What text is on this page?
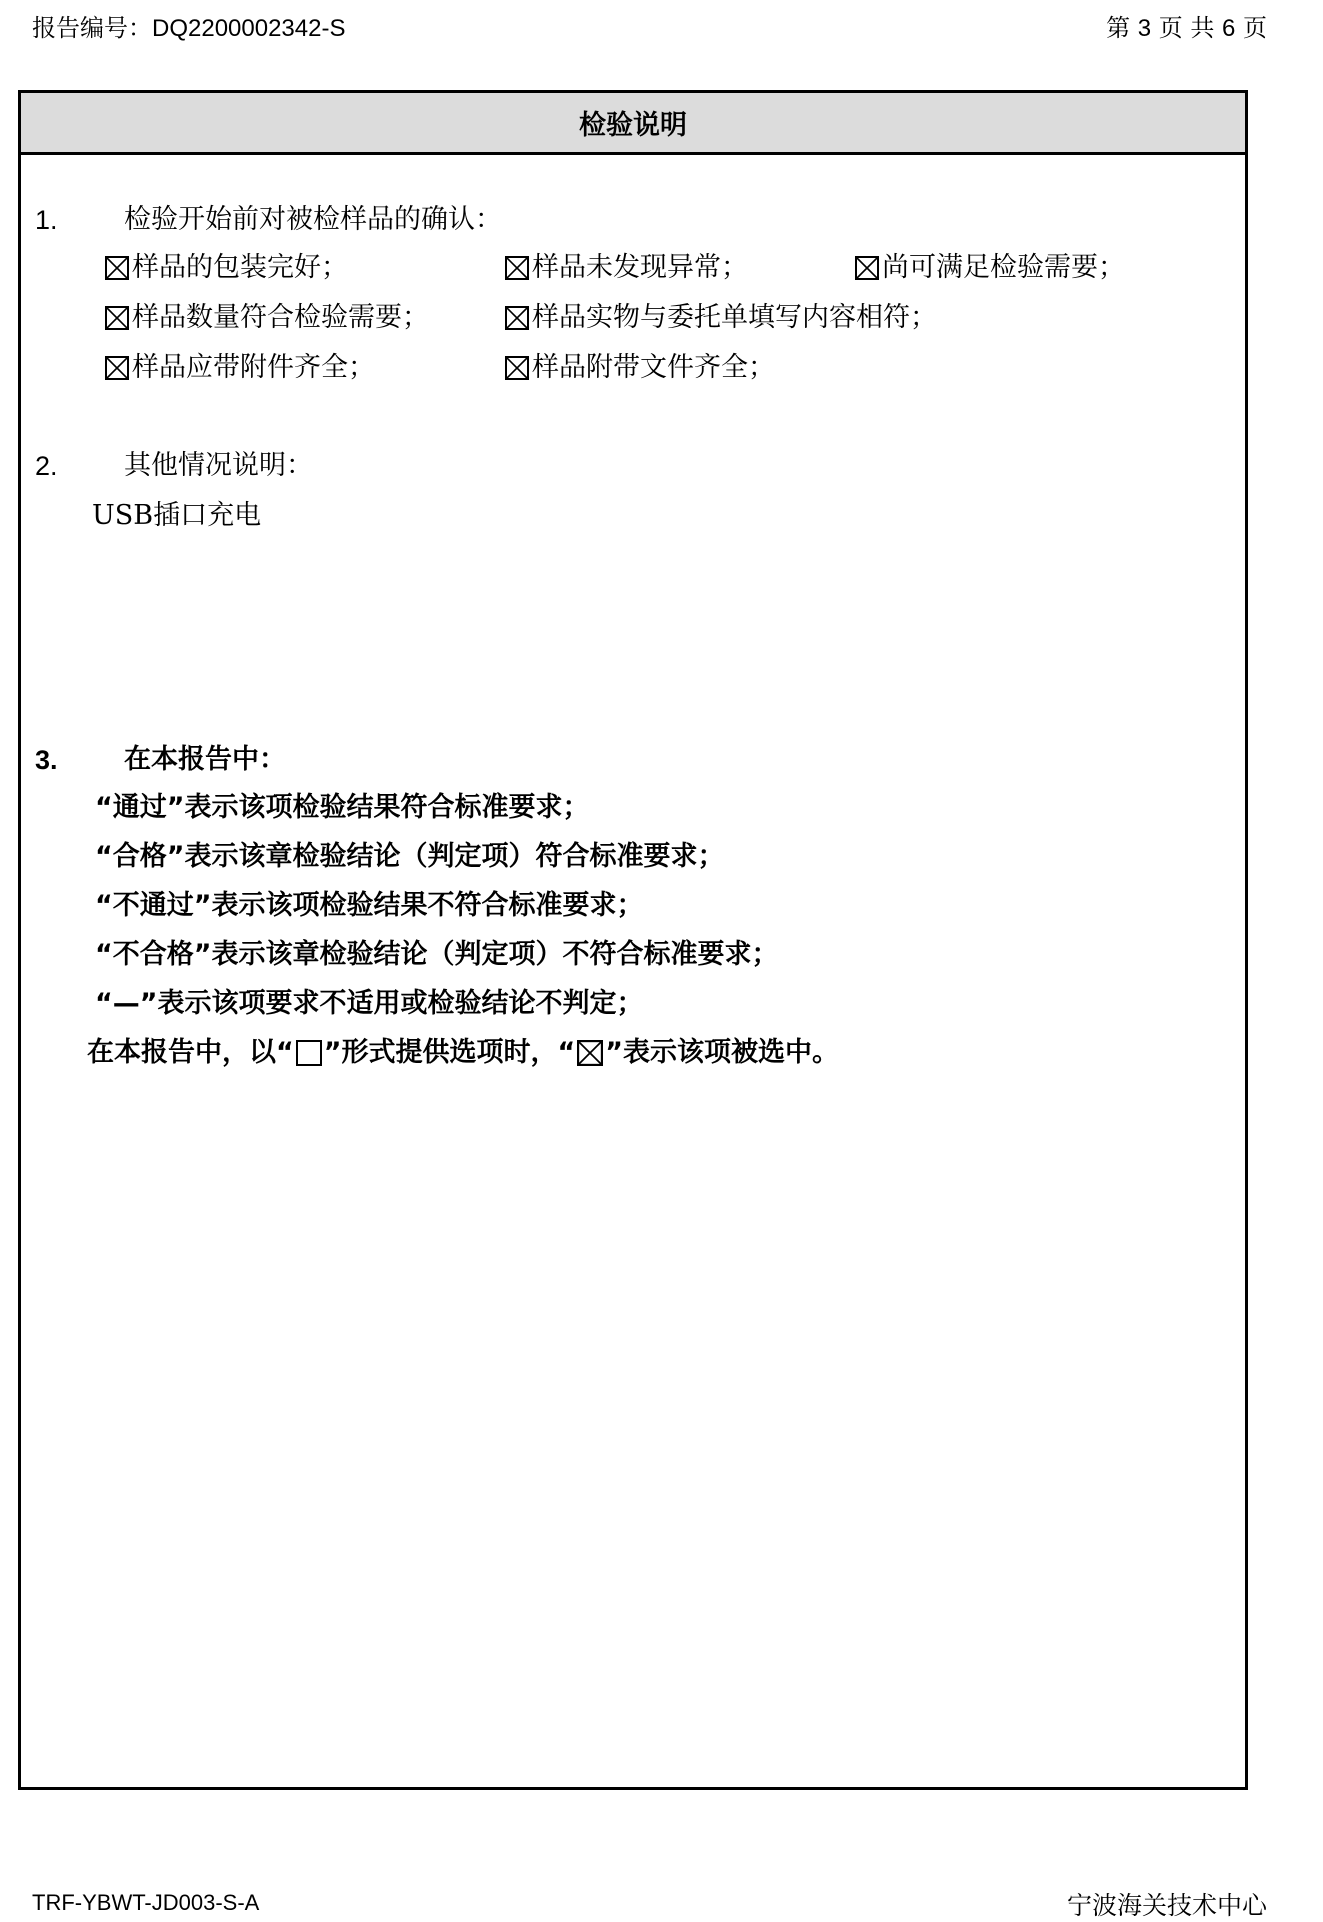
报告编号：DQ2200002342-S	第 3 页 共 6 页
检验说明
1. 检验开始前对被检样品的确认：
样品的包装完好；	样品未发现异常；	尚可满足检验需要；
样品数量符合检验需要；	样品实物与委托单填写内容相符；
样品应带附件齐全；	样品附带文件齐全；
2. 其他情况说明：
USB插口充电
3. 在本报告中：
“通过”表示该项检验结果符合标准要求；
“合格”表示该章检验结论（判定项）符合标准要求；
“不通过”表示该项检验结果不符合标准要求；
“不合格”表示该章检验结论（判定项）不符合标准要求；
“—”表示该项要求不适用或检验结论不判定；
在本报告中，以“ ”形式提供选项时，“ ”表示该项被选中。
TRF-YBWT-JD003-S-A	宁波海关技术中心
